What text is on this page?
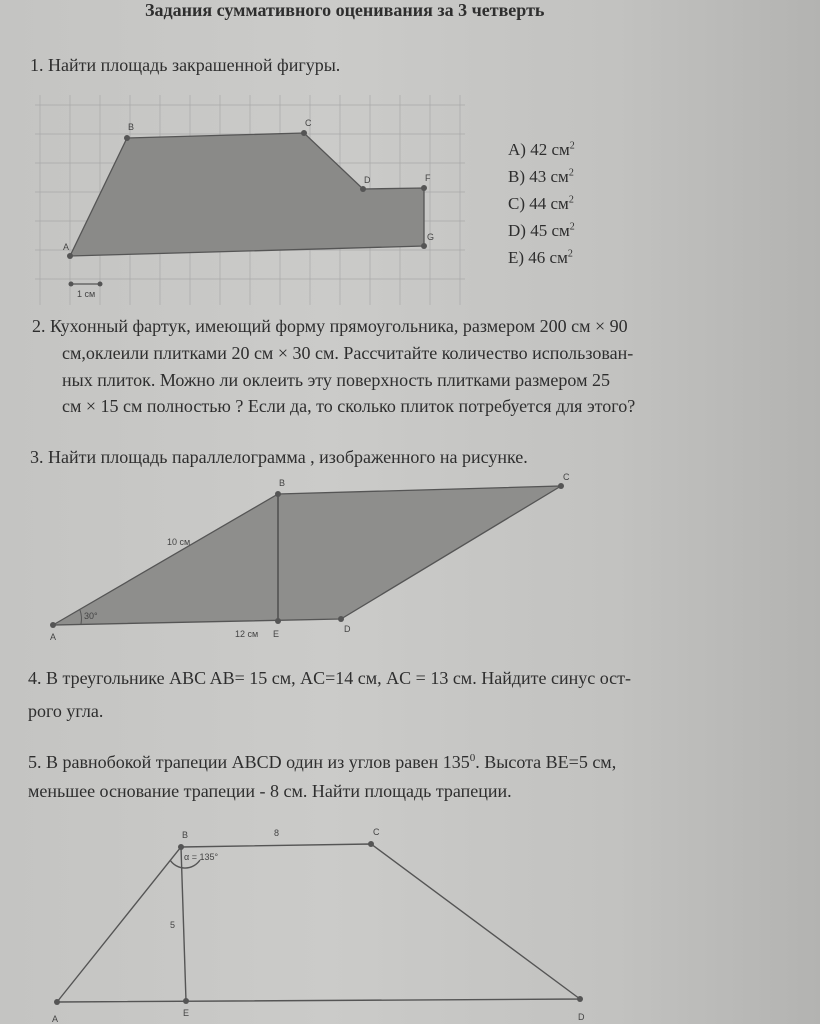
Задания суммативного оценивания за 3 четверть
1. Найти площадь закрашенной фигуры.
A
B	C
D	F
G
1 см
A
B
C
D
E
10 см
12 см
30°
A
B	C
D
E
8
5
α = 135°
A) 42 $см^2$
B) 43 $см^2$
C) 44 $см^2$
D) 45 $см^2$
E) 46 $см^2$
2. Кухонный фартук, имеющий форму прямоугольника, размером 200 см × 90
см,оклеили плитками 20 см × 30 см. Рассчитайте количество использован-
ных плиток. Можно ли оклеить эту поверхность плитками размером 25
см × 15 см полностью ? Если да, то сколько плиток потребуется для этого?
3. Найти площадь параллелограмма , изображенного на рисунке.
4. В треугольнике ABC AB= 15 см, AC=14 см, AC = 13 см. Найдите синус ост-
рого угла.
5. В равнобокой трапеции ABCD один из углов равен $135^0$. Высота BE=5 см,
меньшее основание трапеции - 8 см. Найти площадь трапеции.
